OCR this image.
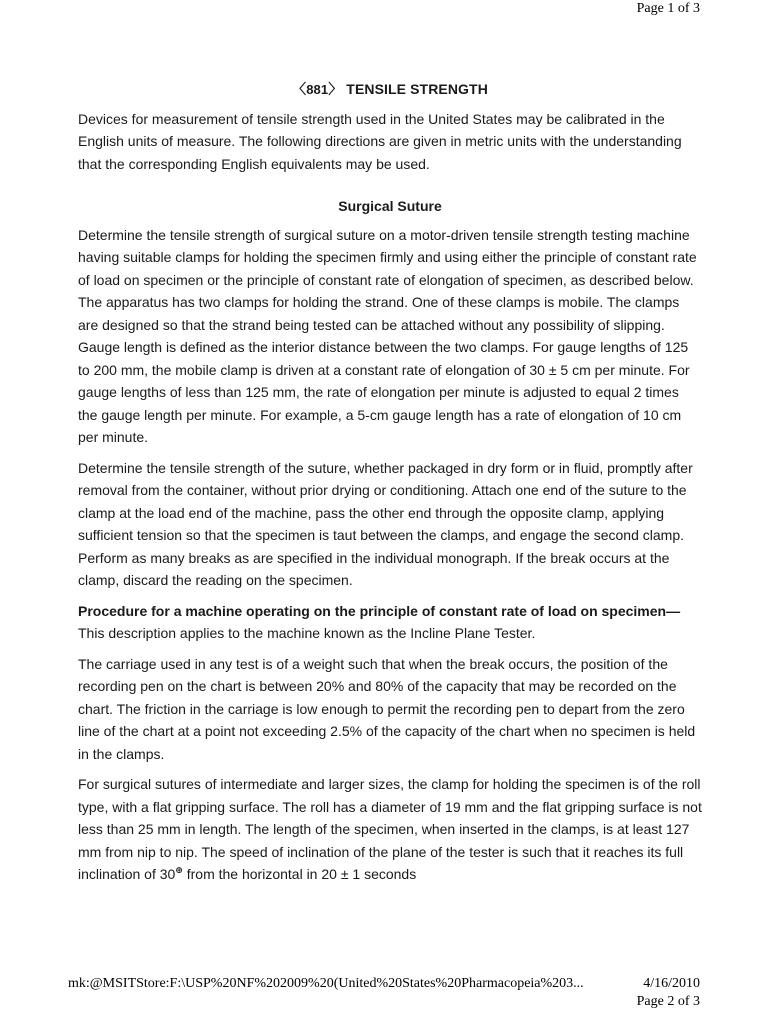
Page 1 of 3
〈881〉 TENSILE STRENGTH

Devices for measurement of tensile strength used in the United States may be calibrated in the English units of measure. The following directions are given in metric units with the understanding that the corresponding English equivalents may be used.

Surgical Suture

Determine the tensile strength of surgical suture on a motor-driven tensile strength testing machine having suitable clamps for holding the specimen firmly and using either the principle of constant rate of load on specimen or the principle of constant rate of elongation of specimen, as described below. The apparatus has two clamps for holding the strand. One of these clamps is mobile. The clamps are designed so that the strand being tested can be attached without any possibility of slipping. Gauge length is defined as the interior distance between the two clamps. For gauge lengths of 125 to 200 mm, the mobile clamp is driven at a constant rate of elongation of 30 ± 5 cm per minute. For gauge lengths of less than 125 mm, the rate of elongation per minute is adjusted to equal 2 times the gauge length per minute. For example, a 5-cm gauge length has a rate of elongation of 10 cm per minute.

Determine the tensile strength of the suture, whether packaged in dry form or in fluid, promptly after removal from the container, without prior drying or conditioning. Attach one end of the suture to the clamp at the load end of the machine, pass the other end through the opposite clamp, applying sufficient tension so that the specimen is taut between the clamps, and engage the second clamp. Perform as many breaks as are specified in the individual monograph. If the break occurs at the clamp, discard the reading on the specimen.

Procedure for a machine operating on the principle of constant rate of load on specimen— This description applies to the machine known as the Incline Plane Tester.

The carriage used in any test is of a weight such that when the break occurs, the position of the recording pen on the chart is between 20% and 80% of the capacity that may be recorded on the chart. The friction in the carriage is low enough to permit the recording pen to depart from the zero line of the chart at a point not exceeding 2.5% of the capacity of the chart when no specimen is held in the clamps.

For surgical sutures of intermediate and larger sizes, the clamp for holding the specimen is of the roll type, with a flat gripping surface. The roll has a diameter of 19 mm and the flat gripping surface is not less than 25 mm in length. The length of the specimen, when inserted in the clamps, is at least 127 mm from nip to nip. The speed of inclination of the plane of the tester is such that it reaches its full inclination of 30⊕ from the horizontal in 20 ± 1 seconds

mk:@MSITStore:F:\USP%20NF%202009%20(United%20States%20Pharmacopeia%203...	4/16/2010
Page 2 of 3
